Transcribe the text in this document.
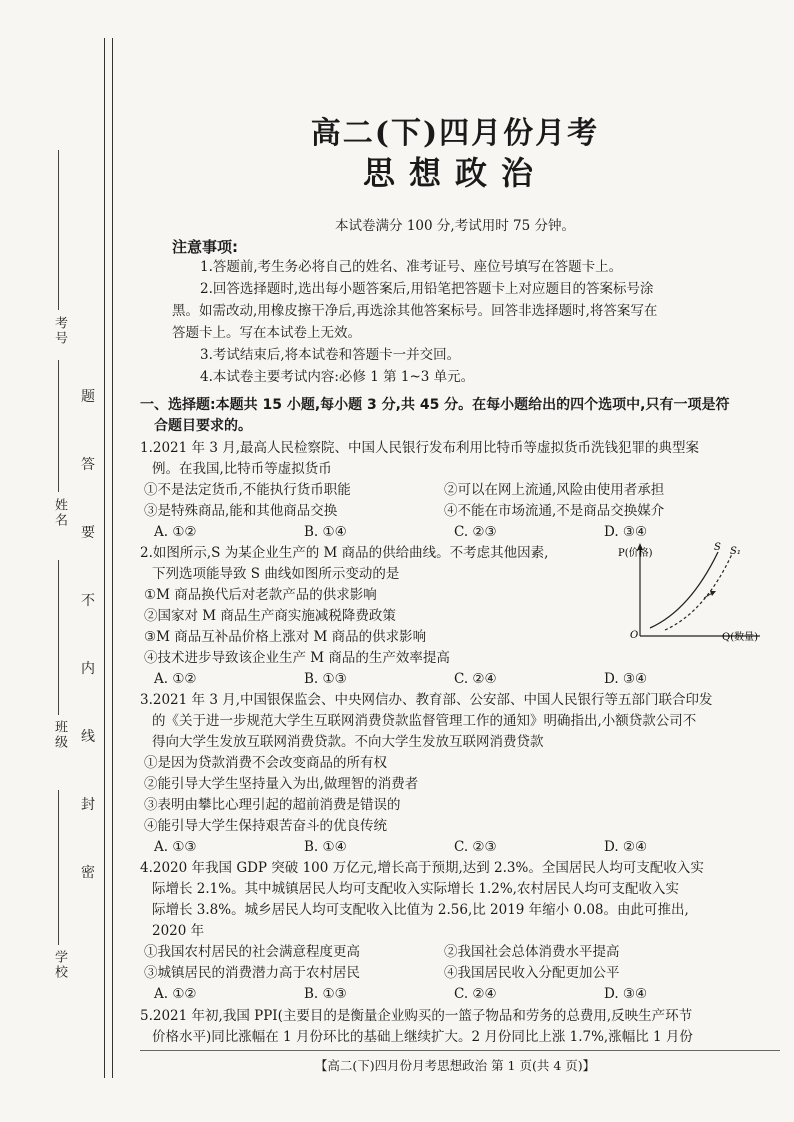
考号
姓名
班级
学校
题
答
要
不
内
线
封
密
高二(下)四月份月考
思想政治
本试卷满分 100 分,考试用时 75 分钟。
注意事项:

1.答题前,考生务必将自己的姓名、准考证号、座位号填写在答题卡上。

2.回答选择题时,选出每小题答案后,用铅笔把答题卡上对应题目的答案标号涂

黑。如需改动,用橡皮擦干净后,再选涂其他答案标号。回答非选择题时,将答案写在

答题卡上。写在本试卷上无效。

3.考试结束后,将本试卷和答题卡一并交回。

4.本试卷主要考试内容:必修 1 第 1~3 单元。

一、选择题:本题共 15 小题,每小题 3 分,共 45 分。在每小题给出的四个选项中,只有一项是符
合题目要求的。

1.2021 年 3 月,最高人民检察院、中国人民银行发布利用比特币等虚拟货币洗钱犯罪的典型案

例。在我国,比特币等虚拟货币

①不是法定货币,不能执行货币职能	②可以在网上流通,风险由使用者承担
③是特殊商品,能和其他商品交换	④不能在市场流通,不是商品交换媒介
A. ①②	B. ①④	C. ②③	D. ③④

2.如图所示,S 为某企业生产的 M 商品的供给曲线。不考虑其他因素,

下列选项能导致 S 曲线如图所示变动的是

①M 商品换代后对老款产品的供求影响

②国家对 M 商品生产商实施减税降费政策

③M 商品互补品价格上涨对 M 商品的供求影响

④技术进步导致该企业生产 M 商品的生产效率提高

A. ①②	B. ①③	C. ②④	D. ③④
P(价格)
Q(数量)
O
S S₁

3.2021 年 3 月,中国银保监会、中央网信办、教育部、公安部、中国人民银行等五部门联合印发

的《关于进一步规范大学生互联网消费贷款监督管理工作的通知》明确指出,小额贷款公司不

得向大学生发放互联网消费贷款。不向大学生发放互联网消费贷款

①是因为贷款消费不会改变商品的所有权

②能引导大学生坚持量入为出,做理智的消费者

③表明由攀比心理引起的超前消费是错误的

④能引导大学生保持艰苦奋斗的优良传统

A. ①③	B. ①④	C. ②③	D. ②④

4.2020 年我国 GDP 突破 100 万亿元,增长高于预期,达到 2.3%。全国居民人均可支配收入实

际增长 2.1%。其中城镇居民人均可支配收入实际增长 1.2%,农村居民人均可支配收入实

际增长 3.8%。城乡居民人均可支配收入比值为 2.56,比 2019 年缩小 0.08。由此可推出,

2020 年

①我国农村居民的社会满意程度更高	②我国社会总体消费水平提高
③城镇居民的消费潜力高于农村居民	④我国居民收入分配更加公平
A. ①②	B. ①③	C. ②④	D. ③④

5.2021 年初,我国 PPI(主要目的是衡量企业购买的一篮子物品和劳务的总费用,反映生产环节

价格水平)同比涨幅在 1 月份环比的基础上继续扩大。2 月份同比上涨 1.7%,涨幅比 1 月份

【高二(下)四月份月考思想政治 第 1 页(共 4 页)】
